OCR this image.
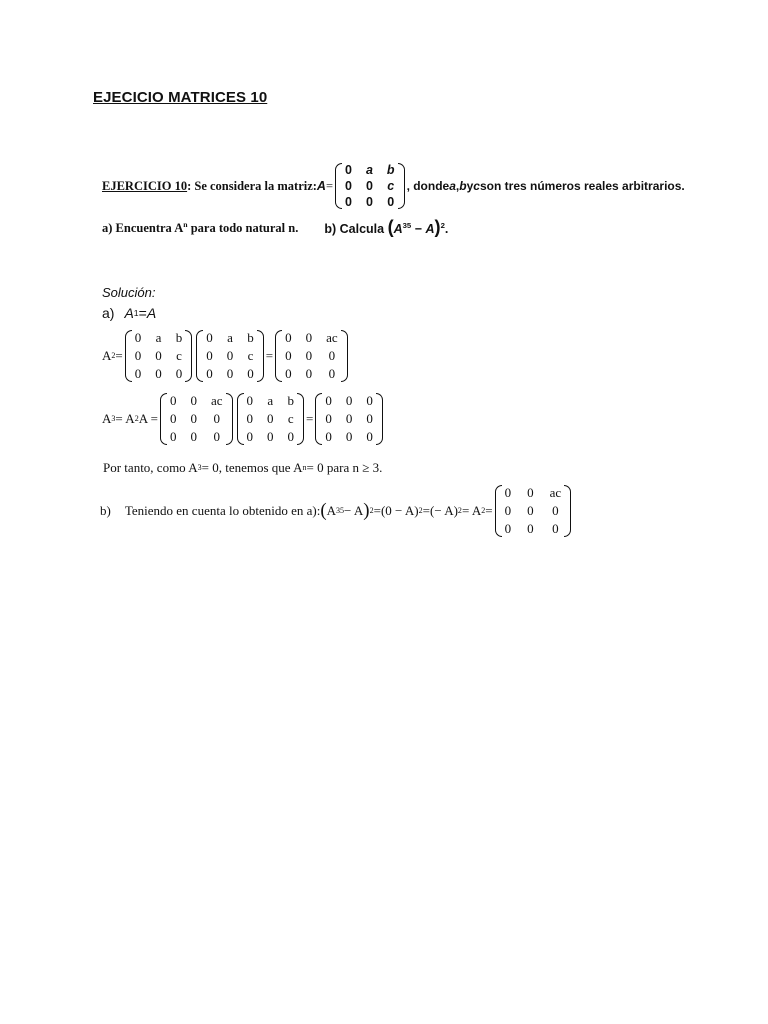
EJECICIO MATRICES 10
EJERCICIO 10 : Se considera la matriz: A =
0 a b
0 0 c
0 0 0
, donde a , b y c son tres números reales arbitrarios.
a) Encuentra $A^n$ para todo natural n. b) Calcula $(A^{35} - A)^2$.
Solución:
a) A 1 = A
A 2 =
0 a b
0 0 c
0 0 0
0 a b
0 0 c
0 0 0
=
0 0 ac
0 0 0
0 0 0
A 3 = A 2 A =
0 0 ac
0 0 0
0 0 0
0 a b
0 0 c
0 0 0
=
0 0 0
0 0 0
0 0 0
Por tanto, como A 3 = 0, tenemos que A n = 0 para n ≥ 3.
b) Teniendo en cuenta lo obtenido en a): ( A 35 − A ) 2 = (0 − A) 2 = (− A) 2 = A 2 =
0 0 ac
0 0 0
0 0 0
